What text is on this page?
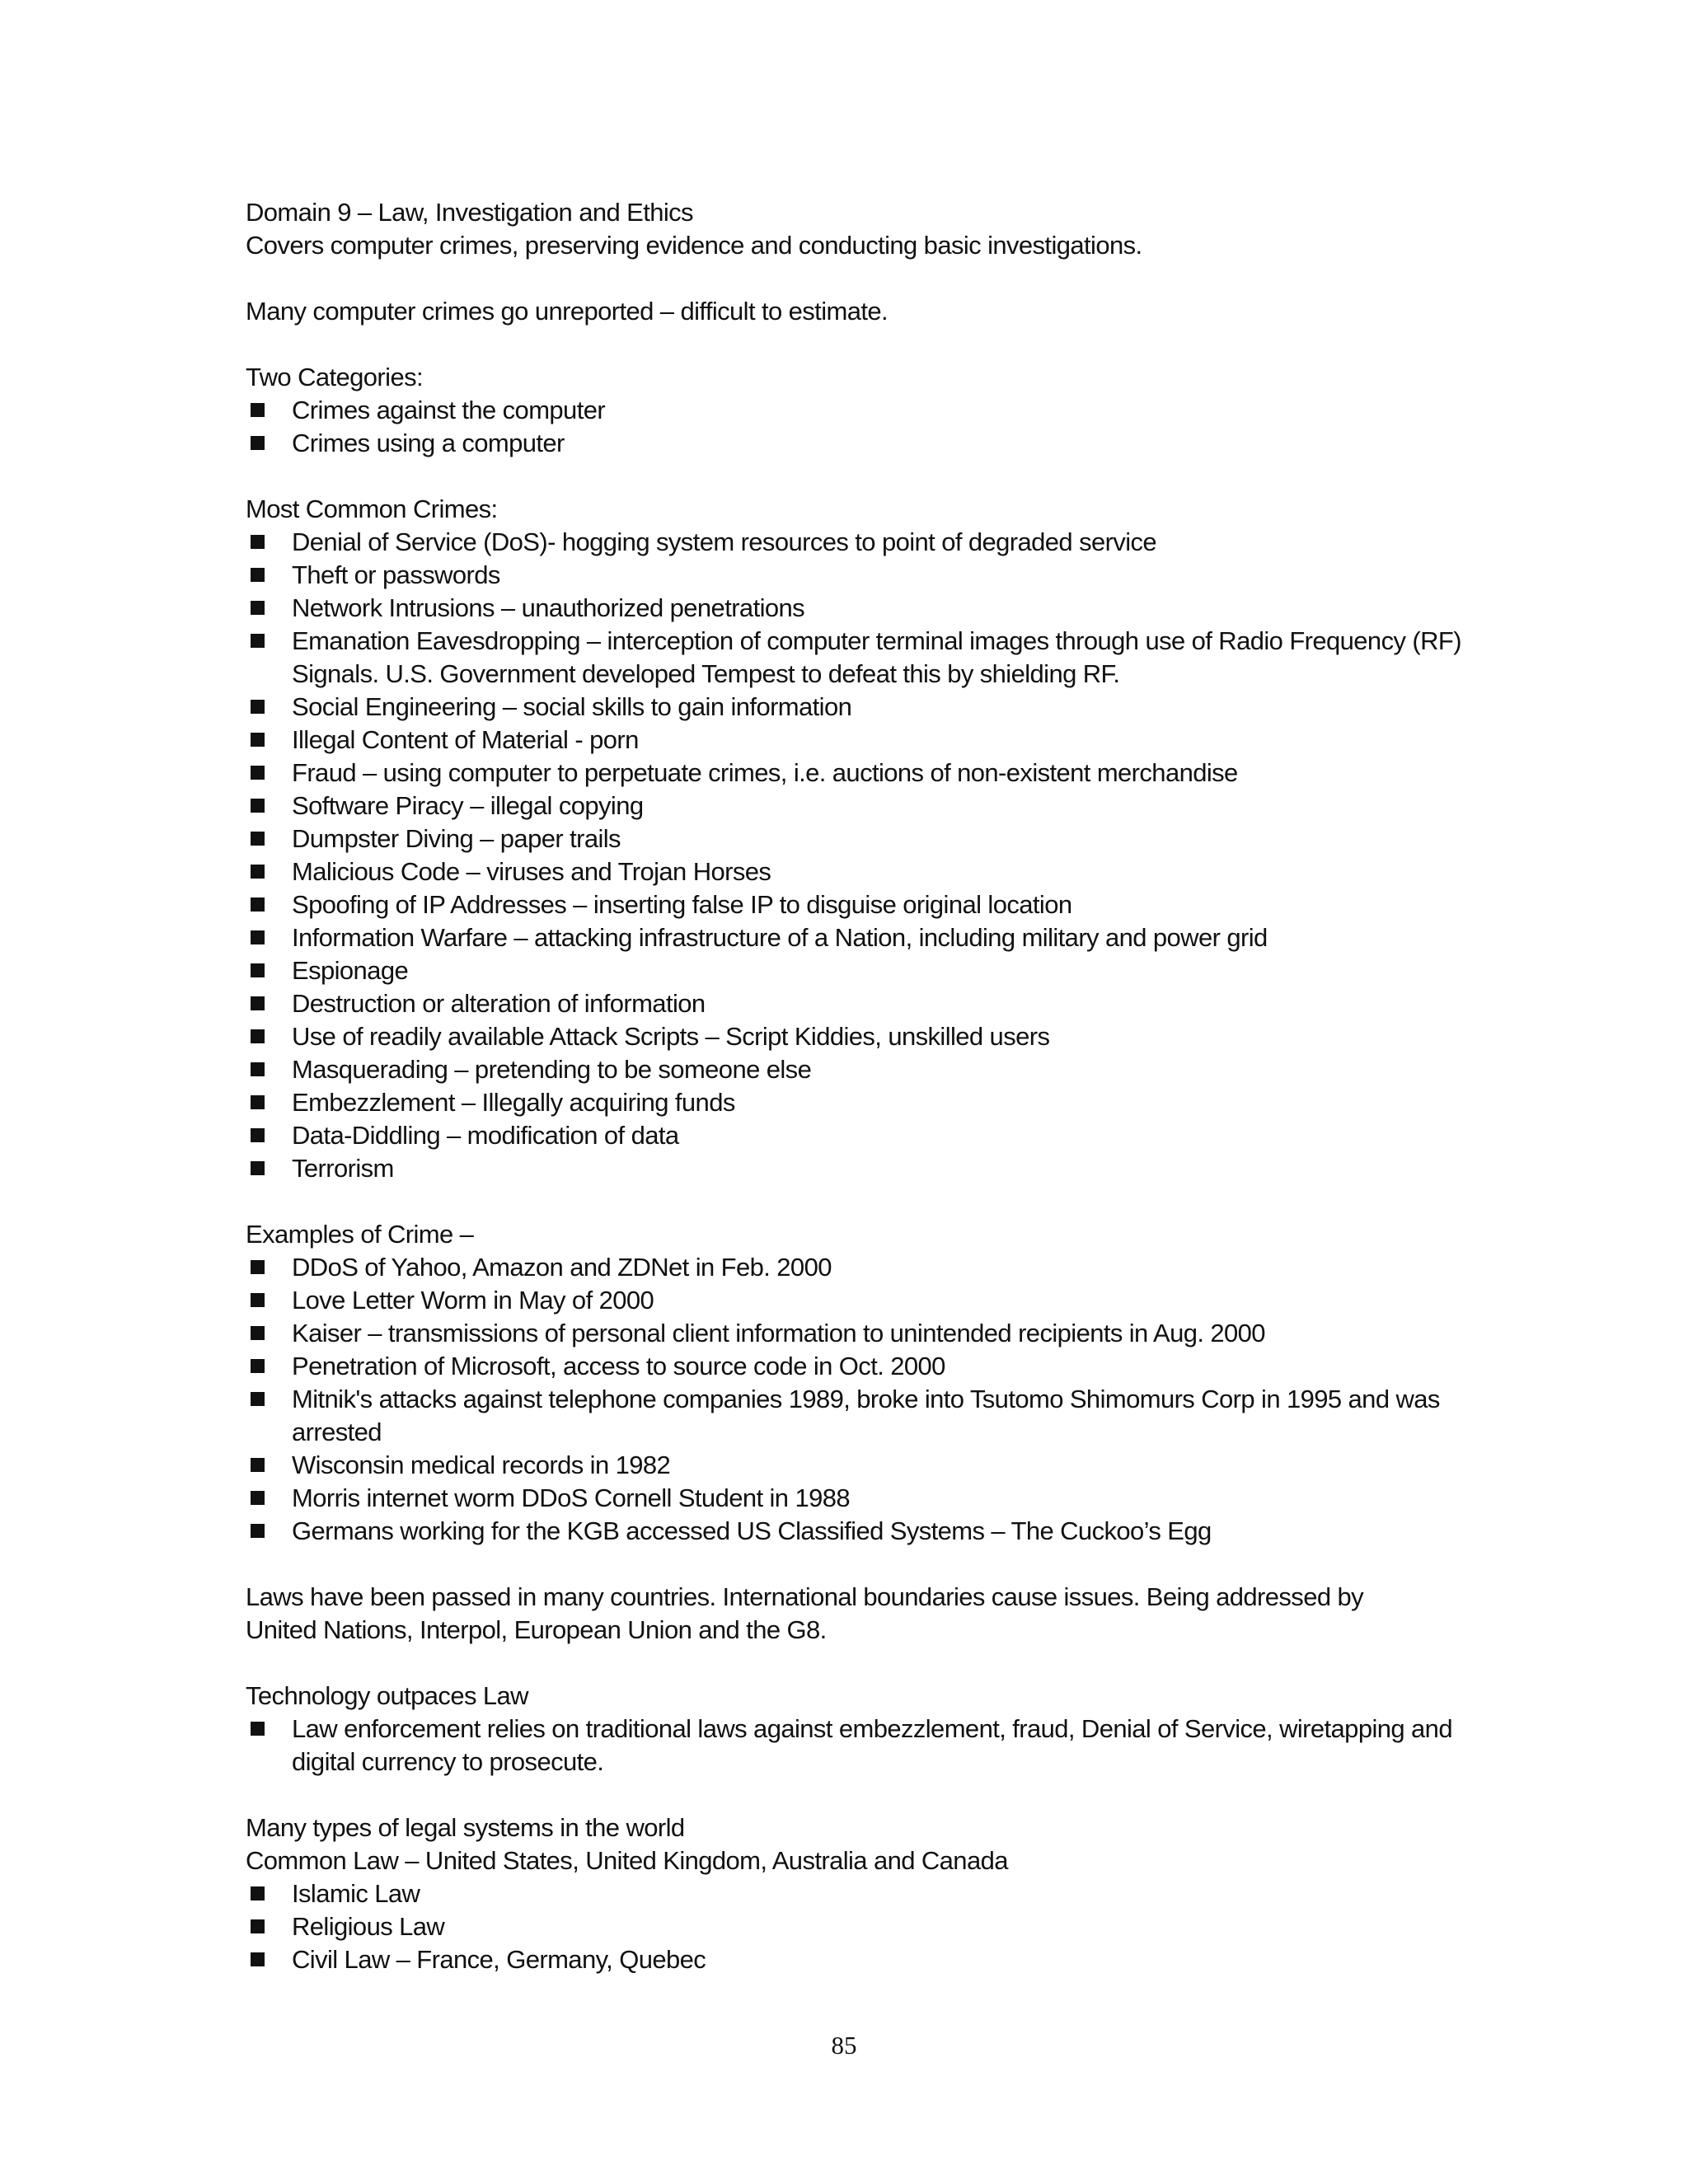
Domain 9 – Law, Investigation and Ethics

Covers computer crimes, preserving evidence and conducting basic investigations.

Many computer crimes go unreported – difficult to estimate.

Two Categories:

Crimes against the computer
Crimes using a computer

Most Common Crimes:

Denial of Service (DoS)- hogging system resources to point of degraded service
Theft or passwords
Network Intrusions – unauthorized penetrations
Emanation Eavesdropping – interception of computer terminal images through use of Radio Frequency (RF) Signals. U.S. Government developed Tempest to defeat this by shielding RF.
Social Engineering – social skills to gain information
Illegal Content of Material - porn
Fraud – using computer to perpetuate crimes, i.e. auctions of non-existent merchandise
Software Piracy – illegal copying
Dumpster Diving – paper trails
Malicious Code – viruses and Trojan Horses
Spoofing of IP Addresses – inserting false IP to disguise original location
Information Warfare – attacking infrastructure of a Nation, including military and power grid
Espionage
Destruction or alteration of information
Use of readily available Attack Scripts – Script Kiddies, unskilled users
Masquerading – pretending to be someone else
Embezzlement – Illegally acquiring funds
Data-Diddling – modification of data
Terrorism

Examples of Crime –

DDoS of Yahoo, Amazon and ZDNet in Feb. 2000
Love Letter Worm in May of 2000
Kaiser – transmissions of personal client information to unintended recipients in Aug. 2000
Penetration of Microsoft, access to source code in Oct. 2000
Mitnik's attacks against telephone companies 1989, broke into Tsutomo Shimomurs Corp in 1995 and was arrested
Wisconsin medical records in 1982
Morris internet worm DDoS Cornell Student in 1988
Germans working for the KGB accessed US Classified Systems – The Cuckoo’s Egg

Laws have been passed in many countries. International boundaries cause issues. Being addressed by

United Nations, Interpol, European Union and the G8.

Technology outpaces Law

Law enforcement relies on traditional laws against embezzlement, fraud, Denial of Service, wiretapping and digital currency to prosecute.

Many types of legal systems in the world

Common Law – United States, United Kingdom, Australia and Canada

Islamic Law
Religious Law
Civil Law – France, Germany, Quebec
85
